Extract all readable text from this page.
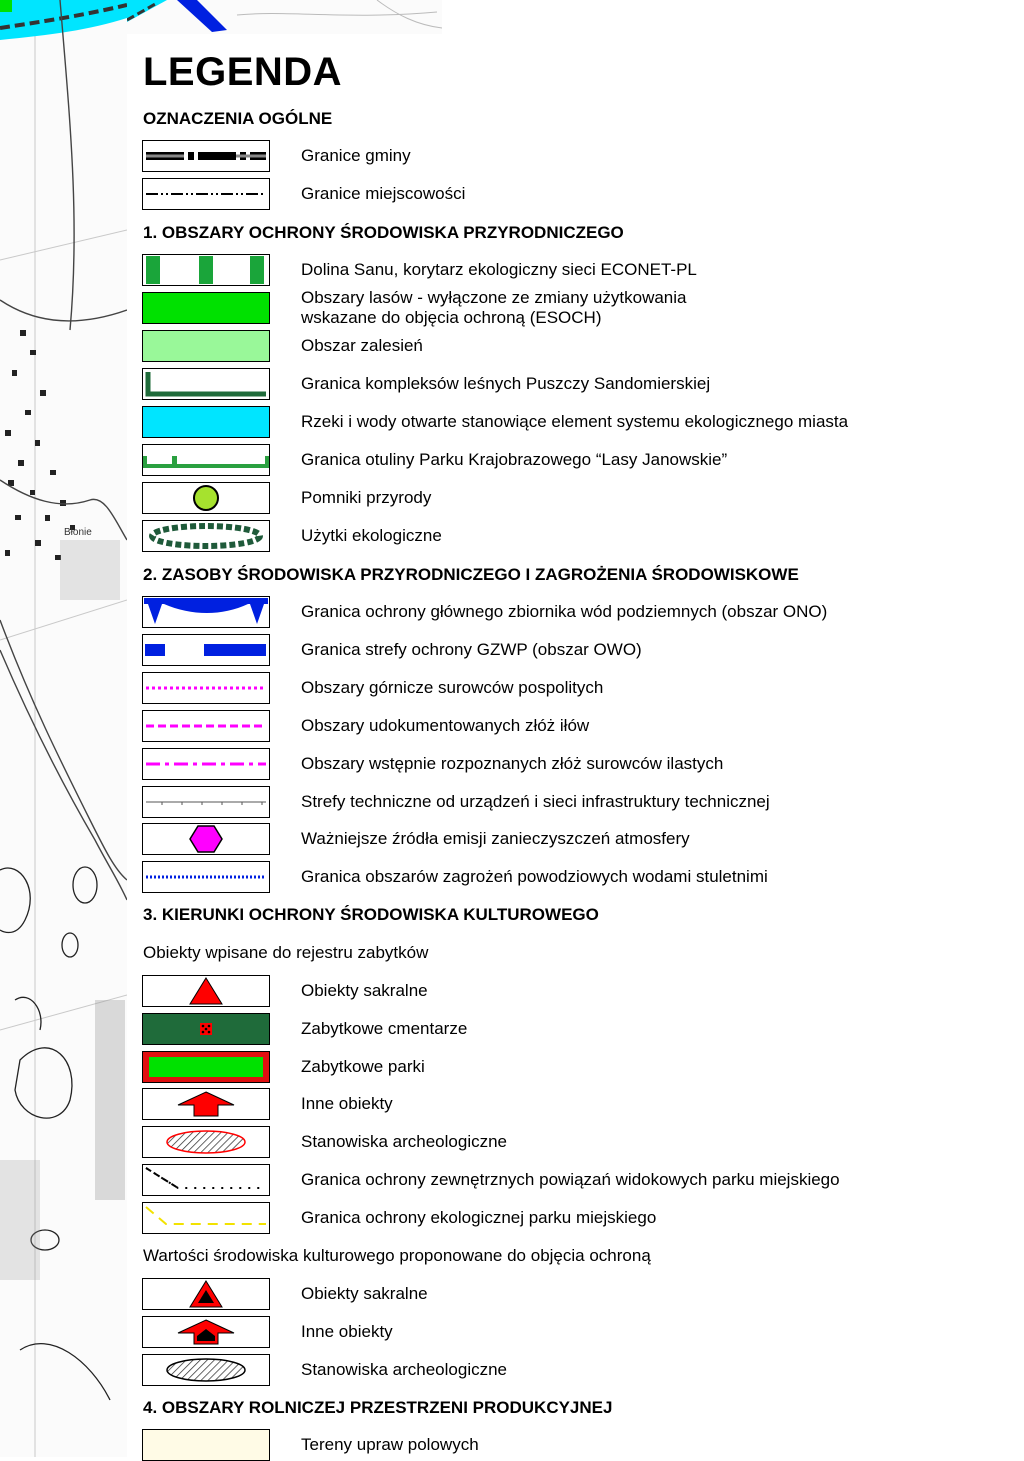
Błonie
LEGENDA
OZNACZENIA OGÓLNE
Granice gminy
Granice miejscowości
1. OBSZARY OCHRONY ŚRODOWISKA PRZYRODNICZEGO
Dolina Sanu, korytarz ekologiczny sieci ECONET-PL
Obszary lasów - wyłączone ze zmiany użytkowania
wskazane do objęcia ochroną (ESOCH)
Obszar zalesień
Granica kompleksów leśnych Puszczy Sandomierskiej
Rzeki i wody otwarte stanowiące element systemu ekologicznego miasta
Granica otuliny Parku Krajobrazowego “Lasy Janowskie”
Pomniki przyrody
Użytki ekologiczne
2. ZASOBY ŚRODOWISKA PRZYRODNICZEGO I ZAGROŻENIA ŚRODOWISKOWE
Granica ochrony głównego zbiornika wód podziemnych (obszar ONO)
Granica strefy ochrony GZWP (obszar OWO)
Obszary górnicze surowców pospolitych
Obszary udokumentowanych złóż iłów
Obszary wstępnie rozpoznanych złóż surowców ilastych
Strefy techniczne od urządzeń i sieci infrastruktury technicznej
Ważniejsze źródła emisji zanieczyszczeń atmosfery
Granica obszarów zagrożeń powodziowych wodami stuletnimi
3. KIERUNKI OCHRONY ŚRODOWISKA KULTUROWEGO
Obiekty wpisane do rejestru zabytków
Obiekty sakralne
Zabytkowe cmentarze
Zabytkowe parki
Inne obiekty
Stanowiska archeologiczne
Granica ochrony zewnętrznych powiązań widokowych parku miejskiego
Granica ochrony ekologicznej parku miejskiego
Wartości środowiska kulturowego proponowane do objęcia ochroną
Obiekty sakralne
Inne obiekty
Stanowiska archeologiczne
4. OBSZARY ROLNICZEJ PRZESTRZENI PRODUKCYJNEJ
Tereny upraw polowych
